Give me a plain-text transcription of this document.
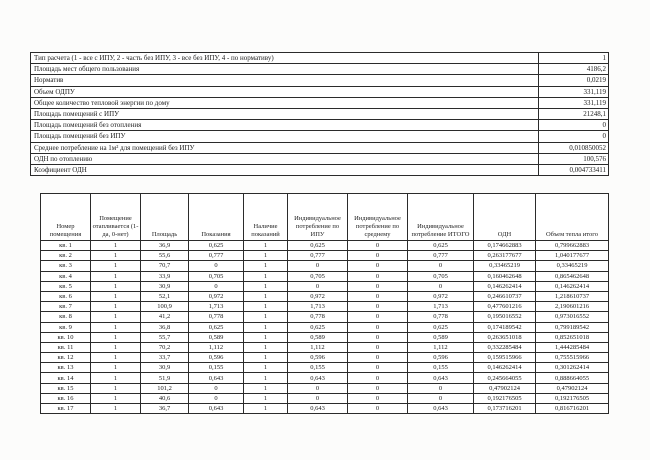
Тип расчета (1 - все с ИПУ, 2 - часть без ИПУ, 3 - все без ИПУ, 4 - по нормативу)	1
Площадь мест общего пользования	4186,2
Норматив	0,0219
Объем ОДПУ	331,119
Общее количество тепловой энергии по дому	331,119
Площадь помещений с ИПУ	21248,1
Площадь помещений без отопления	0
Площадь помещений без ИПУ	0
Среднее потребление на 1м² для помещений без ИПУ	0,010850052
ОДН по отоплению	100,576
Коэфициент ОДН	0,004733411
Номер помещения	Помещение отапливается (1- да, 0-нет)	Площадь	Показания	Наличие показаний	Индивидуальное потребление по ИПУ	Индивидуальное потребление по среднему	Индивидуальное потребление ИТОГО	ОДН	Объем тепла итого
кв. 1	1	36,9	0,625	1	0,625	0	0,625	0,174662883	0,799662883
кв. 2	1	55,6	0,777	1	0,777	0	0,777	0,263177677	1,040177677
кв. 3	1	70,7	0	1	0	0	0	0,33465219	0,33465219
кв. 4	1	33,9	0,705	1	0,705	0	0,705	0,160462648	0,865462648
кв. 5	1	30,9	0	1	0	0	0	0,146262414	0,146262414
кв. 6	1	52,1	0,972	1	0,972	0	0,972	0,246610737	1,218610737
кв. 7	1	100,9	1,713	1	1,713	0	1,713	0,477601216	2,190601216
кв. 8	1	41,2	0,778	1	0,778	0	0,778	0,195016552	0,973016552
кв. 9	1	36,8	0,625	1	0,625	0	0,625	0,174189542	0,799189542
кв. 10	1	55,7	0,589	1	0,589	0	0,589	0,263651018	0,852651018
кв. 11	1	70,2	1,112	1	1,112	0	1,112	0,332285484	1,444285484
кв. 12	1	33,7	0,596	1	0,596	0	0,596	0,159515966	0,755515966
кв. 13	1	30,9	0,155	1	0,155	0	0,155	0,146262414	0,301262414
кв. 14	1	51,9	0,643	1	0,643	0	0,643	0,245664055	0,888664055
кв. 15	1	101,2	0	1	0	0	0	0,47902124	0,47902124
кв. 16	1	40,6	0	1	0	0	0	0,192176505	0,192176505
кв. 17	1	36,7	0,643	1	0,643	0	0,643	0,173716201	0,816716201
